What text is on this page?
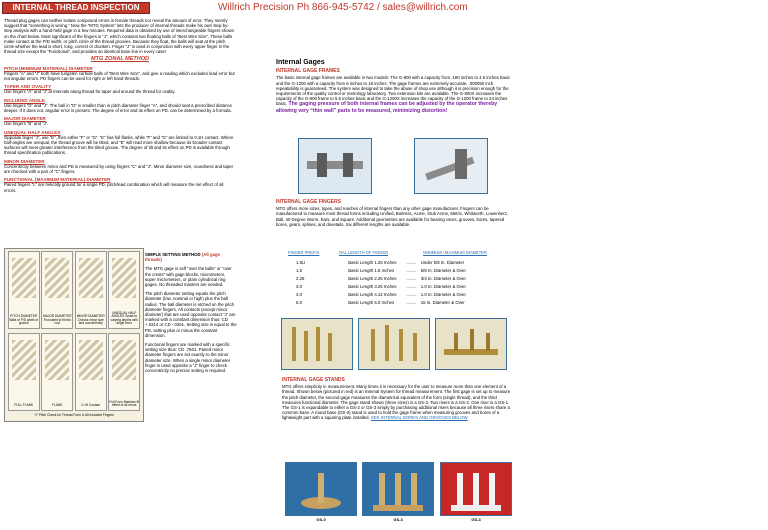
INTERNAL THREAD INSPECTION	Willrich Precision Ph 866-945-5742 / sales@willrich.com

Thread plug gages can neither isolate compound errors in female threads nor reveal the amount of error. They merely suggest that “something is wrong.” Now the “MTG System” lets the producer of internal threads make his own step-by-step analysis with a hand-held gage in a few minutes. Required data is obtained by use of interchangeable fingers shown on the chart below. Most significant of the fingers is “J”, which contains two floating balls of “Best Wire Size”. These balls make contact at the P/D width, or pitch circle of the thread grooves. Because they float, the balls will seat at the pitch circle whether the lead is short, long, correct or drunken. Finger “J” is used in conjunction with every upper finger in the thread size except the “Functional”, and provides an identical base line in every case!

MTG ZONAL METHOD
PITCH (MINIMUM MATERIAL) DIAMETER

Fingers “A” and “J” both have tungsten carbide balls of “Best Wire Size”, and give a reading which excludes lead error but not angular errors. PD fingers can be used for right or left hand threads.

TAPER AND OVALITY

Use fingers “A” and “J” at intervals along thread for taper and around the thread for ovality.

INCLUDED ANGLE

Use fingers “D” and “J”. The ball in “D” is smaller than in pitch diameter finger “A”, and should seat a prescribed distance deeper. If it does not, angular error is present. The degree of error and its effect on PD. can be determined by a formula.

MAJOR DIAMETER

Use fingers “B” and “J”.

UNEQUAL HALF ANGLES

Opposite finger “J”, use “E”, then either “F” or “G”. “E” has full flanks, while “F” and “G” are limited to 0.1H contact. Where half-angles are unequal, the thread groove will be tilted, and “E” will read more shallow because its broader contact surfaces will meet greater interference from the tilted groove. The degree of tilt and its effect on PD is available through thread specification publications.

MINOR DIAMETER

Concentricity between minor and PD is measured by using fingers “C” and “J”. Minor diameter size, roundness and taper are checked with a pair of “C” fingers.

FUNCTIONAL (MAXIMUM MATERIAL) DIAMETER

Paired fingers “L” are helically ground for a single PD, pitch/lead combination which will measure the net effect of all errors.

PITCH DIAMETER Balls of P/D width of groove
MAJOR DIAMETER Truncated to fit into root
MINOR DIAMETER Checks minor size and concentricity
UNEQUAL HALF ANGLES Seats to varying depths with angle error
FULL FLANK	FLANK	0.1H Contact
Full Form Matches fit effect of all errors
“J” Pitch Check for Thread Form & All Included Fingers

SIMPLE SETTING METHOD (All gage threads)

The MTG gage is self “over the balls” or “over the crests” with gage blocks, micrometers, super micrometers, or plain cylindrical ring gages. No threaded masters are needed.

The pitch diameter setting equals the pitch diameter (low, nominal or high) plus the ball radius. The ball diameter is etched on the pitch diameter fingers. All contacts (except minor diameter) that are used opposite contact “J” are marked with a constant dimension thus: CD +.0214 or CD -.0261. Setting size is equal to the PD, setting plus or minus the constant dimension.

Functional fingers are marked with a specific setting size thus: CD .7501. Paired minor diameter fingers are set exactly to the minor diameter size. When a single minor diameter finger is used opposite a “J” finger to check concentricity no precise setting is required.

Internal Gages
INTERNAL GAGE FRAMES

The basic internal gage frames are available in two models: The G-800 with a capacity from .190 inches to 4.5 inches basic and the G-1200 with a capacity from 6 inches to 18 inches. The gage frames are extremely accurate, .000050 inch repeatability is guaranteed. The system was designed to take the abuse of shop use although it is precision enough for the requirements of the quality control or metrology laboratory. Two extension kits are available. The G-800X increases the capacity of the G-800 frame to 5.5 inches basic and the G-1200X increases the capacity of the G-1200 frame to 24 inches basic. The gaging pressure of both internal frames can be adjusted by the operator thereby allowing very “thin wall” parts to be measured, minimizing distortion!

INTERNAL GAGE FINGERS

MTG offers more sizes, types, and reaches of internal fingers than any other gage manufacturer. Fingers can be manufactured to measure most thread forms including Unified, Buttress, Acme, Stub Acme, Metric, Whitworth, Lowenherz, Ball, 40 Degree Worm, Ears, and Square. Additional geometries are available for bearing races, grooves, bores, tapered bores, gears, splines, and dovetails. Six different lengths are available.

FINGER PREFIX	OAL LENGTH OF FINGER	MINIMUM / MAXIMUM DIAMETER
1.5U	Basic Length 1.25 Inches	........	Under 5/8 In. Diameter
1.5	Basic Length 1.5 Inches	........	5/8 In. Diameter & Over
2.25	Basic Length 2.25 Inches	........	3/4 In. Diameter & Over
3.0	Basic Length 3.25 Inches	........	1.0 In. Diameter & Over
4.0	Basic Length 4.12 Inches	........	1.0 In. Diameter & Over
5.0	Basic Length 5.0 Inches	........	15 In. Diameter & Over
INTERNAL GAGE STANDS

MTG offers simplicity in measurement. Many times it is necessary for the user to measure more than one element of a thread. Shown below (pictured in red) is an Internal System for thread measurement. The first gage is set up to measure the pitch diameter, the second gage measures the diametrical equivalent of the form (single thread), and the third measures functional diameter. The gage stand shown (three sizes) is a GS-3. Two risers is a GS-2. One riser is a GS-1. The GS-1 is expandable to either a GS-2 or GS-3 simply by purchasing additional risers because all three risers share a common base. A round base (GS-0) stand is used to hold the gage frame when measuring grooves and bores of a lightweight part with a squaring plate installed. SEE INTERNAL BORES AND GROOVES BELOW

GS-0	GS-3	GS-3
